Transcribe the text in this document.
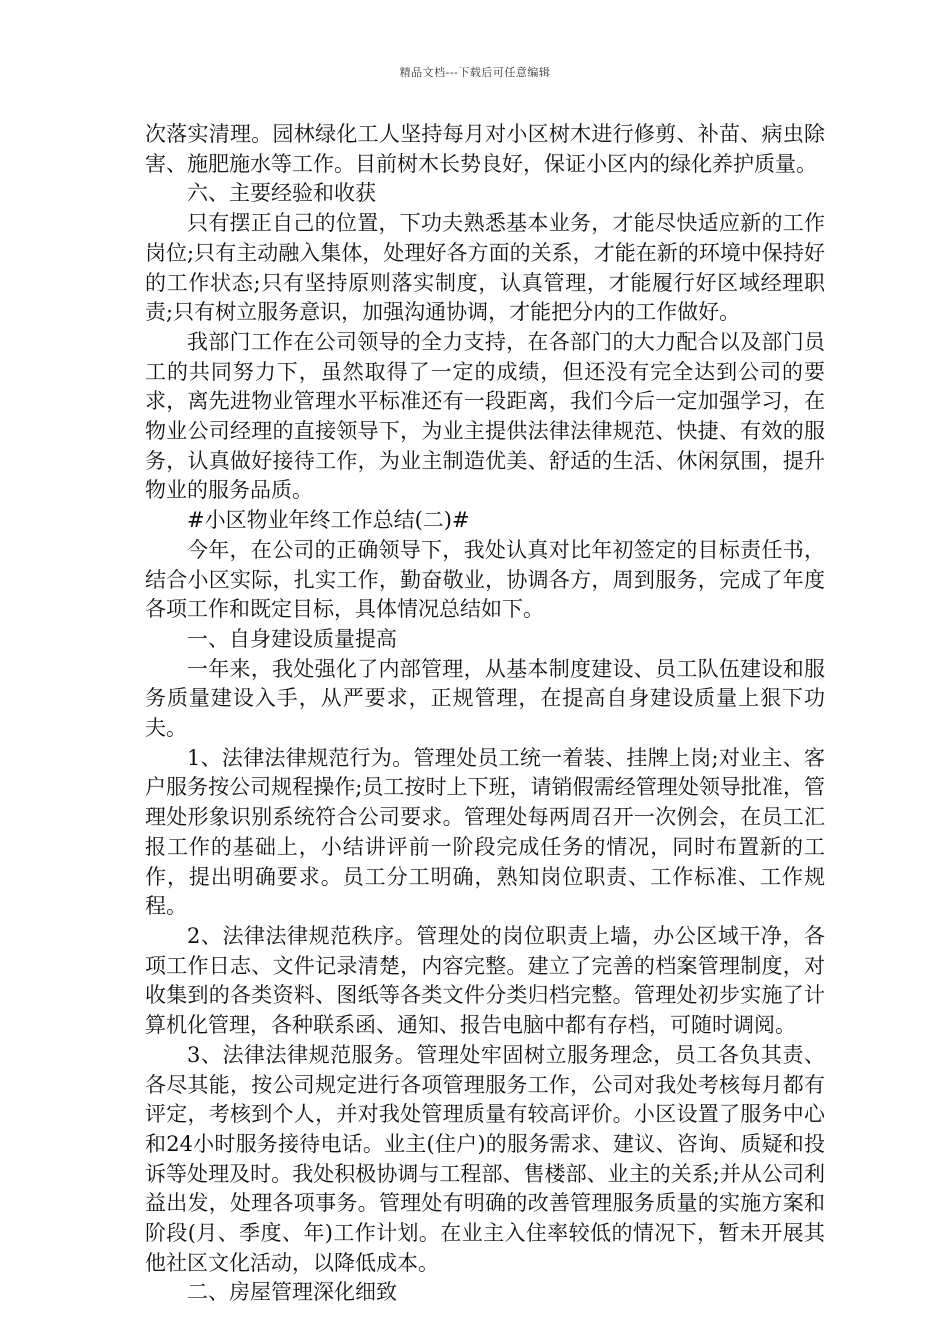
精品文档---下载后可任意编辑

次落实清理。园林绿化工人坚持每月对小区树木进行修剪、补苗、病虫除害、施肥施水等工作。目前树木长势良好，保证小区内的绿化养护质量。

六、主要经验和收获

只有摆正自己的位置，下功夫熟悉基本业务，才能尽快适应新的工作岗位;只有主动融入集体，处理好各方面的关系，才能在新的环境中保持好的工作状态;只有坚持原则落实制度，认真管理，才能履行好区域经理职责;只有树立服务意识，加强沟通协调，才能把分内的工作做好。

我部门工作在公司领导的全力支持，在各部门的大力配合以及部门员工的共同努力下，虽然取得了一定的成绩，但还没有完全达到公司的要求，离先进物业管理水平标准还有一段距离，我们今后一定加强学习，在物业公司经理的直接领导下，为业主提供法律法律规范、快捷、有效的服务，认真做好接待工作，为业主制造优美、舒适的生活、休闲氛围，提升物业的服务品质。

#小区物业年终工作总结(二)#

今年，在公司的正确领导下，我处认真对比年初签定的目标责任书，结合小区实际，扎实工作，勤奋敬业，协调各方，周到服务，完成了年度各项工作和既定目标，具体情况总结如下。

一、自身建设质量提高

一年来，我处强化了内部管理，从基本制度建设、员工队伍建设和服务质量建设入手，从严要求，正规管理，在提高自身建设质量上狠下功夫。

1、法律法律规范行为。管理处员工统一着装、挂牌上岗;对业主、客户服务按公司规程操作;员工按时上下班，请销假需经管理处领导批准，管理处形象识别系统符合公司要求。管理处每两周召开一次例会，在员工汇报工作的基础上，小结讲评前一阶段完成任务的情况，同时布置新的工作，提出明确要求。员工分工明确，熟知岗位职责、工作标准、工作规程。

2、法律法律规范秩序。管理处的岗位职责上墙，办公区域干净，各项工作日志、文件记录清楚，内容完整。建立了完善的档案管理制度，对收集到的各类资料、图纸等各类文件分类归档完整。管理处初步实施了计算机化管理，各种联系函、通知、报告电脑中都有存档，可随时调阅。

3、法律法律规范服务。管理处牢固树立服务理念，员工各负其责、各尽其能，按公司规定进行各项管理服务工作，公司对我处考核每月都有评定，考核到个人，并对我处管理质量有较高评价。小区设置了服务中心和24小时服务接待电话。业主(住户)的服务需求、建议、咨询、质疑和投诉等处理及时。我处积极协调与工程部、售楼部、业主的关系;并从公司利益出发，处理各项事务。管理处有明确的改善管理服务质量的实施方案和阶段(月、季度、年)工作计划。在业主入住率较低的情况下，暂未开展其他社区文化活动，以降低成本。

二、房屋管理深化细致
